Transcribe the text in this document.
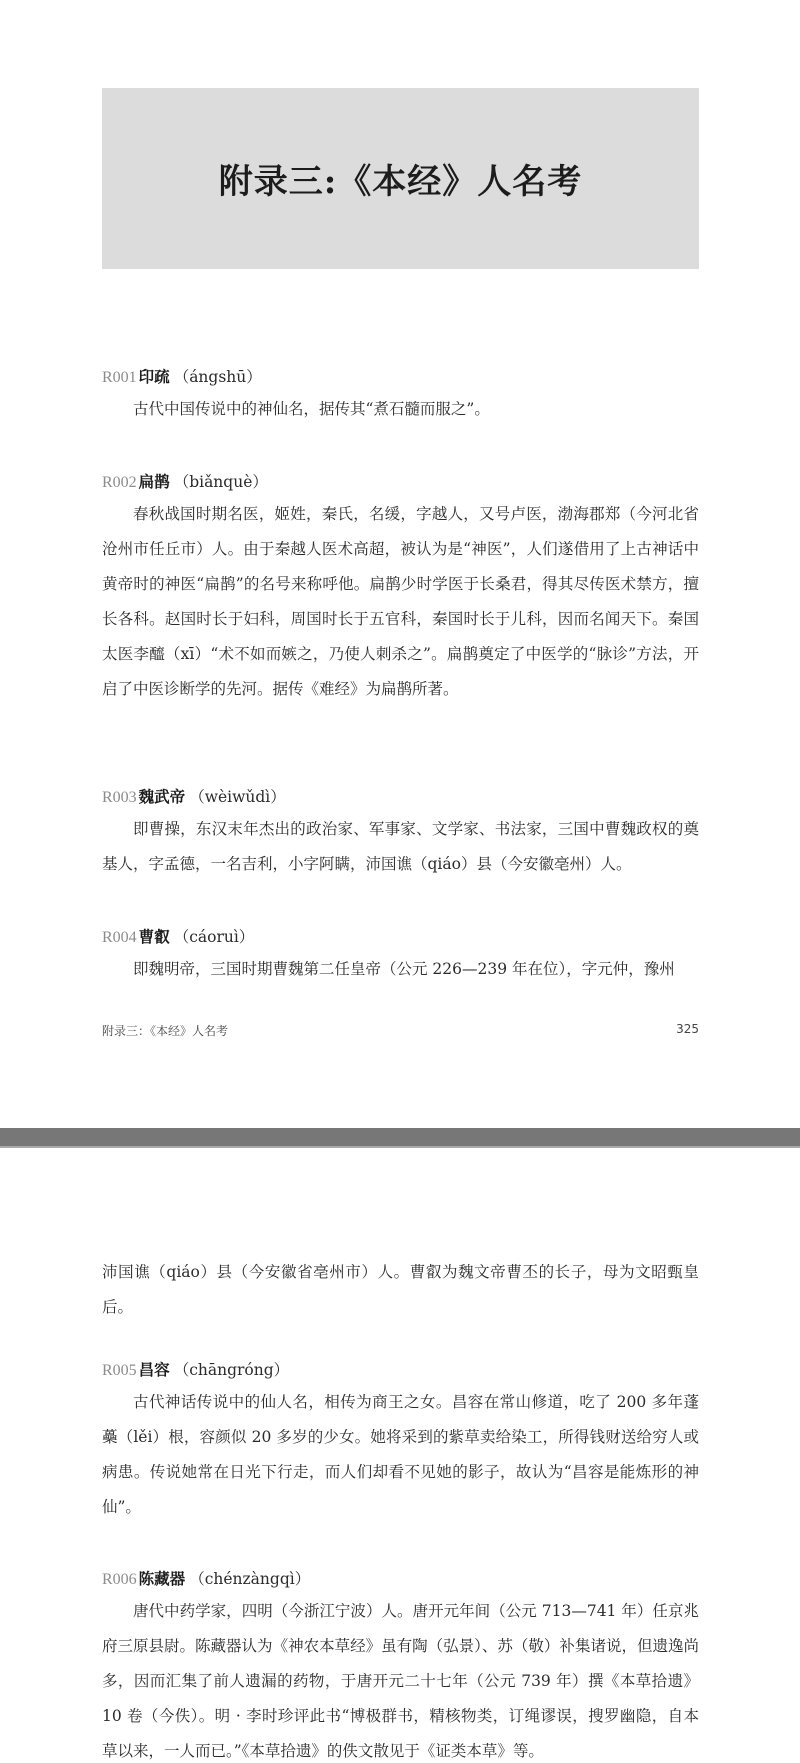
附录三:《本经》人名考
R001 印疏 （ángshū）

古代中国传说中的神仙名，据传其“煮石髓而服之”。

R002 扁鹊 （biǎnquè）

春秋战国时期名医，姬姓，秦氏，名缓，字越人，又号卢医，渤海郡郑（今河北省沧州市任丘市）人。由于秦越人医术高超，被认为是“神医”，人们遂借用了上古神话中黄帝时的神医“扁鹊”的名号来称呼他。扁鹊少时学医于长桑君，得其尽传医术禁方，擅长各科。赵国时长于妇科，周国时长于五官科，秦国时长于儿科，因而名闻天下。秦国太医李醯（xī）“术不如而嫉之，乃使人刺杀之”。扁鹊奠定了中医学的“脉诊”方法，开启了中医诊断学的先河。据传《难经》为扁鹊所著。

R003 魏武帝 （wèiwǔdì）

即曹操，东汉末年杰出的政治家、军事家、文学家、书法家，三国中曹魏政权的奠基人，字孟德，一名吉利，小字阿瞒，沛国谯（qiáo）县（今安徽亳州）人。

R004 曹叡 （cáoruì）

即魏明帝，三国时期曹魏第二任皇帝（公元 226—239 年在位），字元仲，豫州

附录三：《本经》人名考	325

沛国谯（qiáo）县（今安徽省亳州市）人。曹叡为魏文帝曹丕的长子，母为文昭甄皇后。

R005 昌容 （chāngróng）

古代神话传说中的仙人名，相传为商王之女。昌容在常山修道，吃了 200 多年蓬蘽（lěi）根，容颜似 20 多岁的少女。她将采到的紫草卖给染工，所得钱财送给穷人或病患。传说她常在日光下行走，而人们却看不见她的影子，故认为“昌容是能炼形的神仙”。

R006 陈藏器 （chénzàngqì）

唐代中药学家，四明（今浙江宁波）人。唐开元年间（公元 713—741 年）任京兆府三原县尉。陈藏器认为《神农本草经》虽有陶（弘景）、苏（敬）补集诸说，但遗逸尚多，因而汇集了前人遗漏的药物，于唐开元二十七年（公元 739 年）撰《本草拾遗》10 卷（今佚）。明 · 李时珍评此书“博极群书，精核物类，订绳谬误，搜罗幽隐，自本草以来，一人而已。”《本草拾遗》的佚文散见于《证类本草》等。
